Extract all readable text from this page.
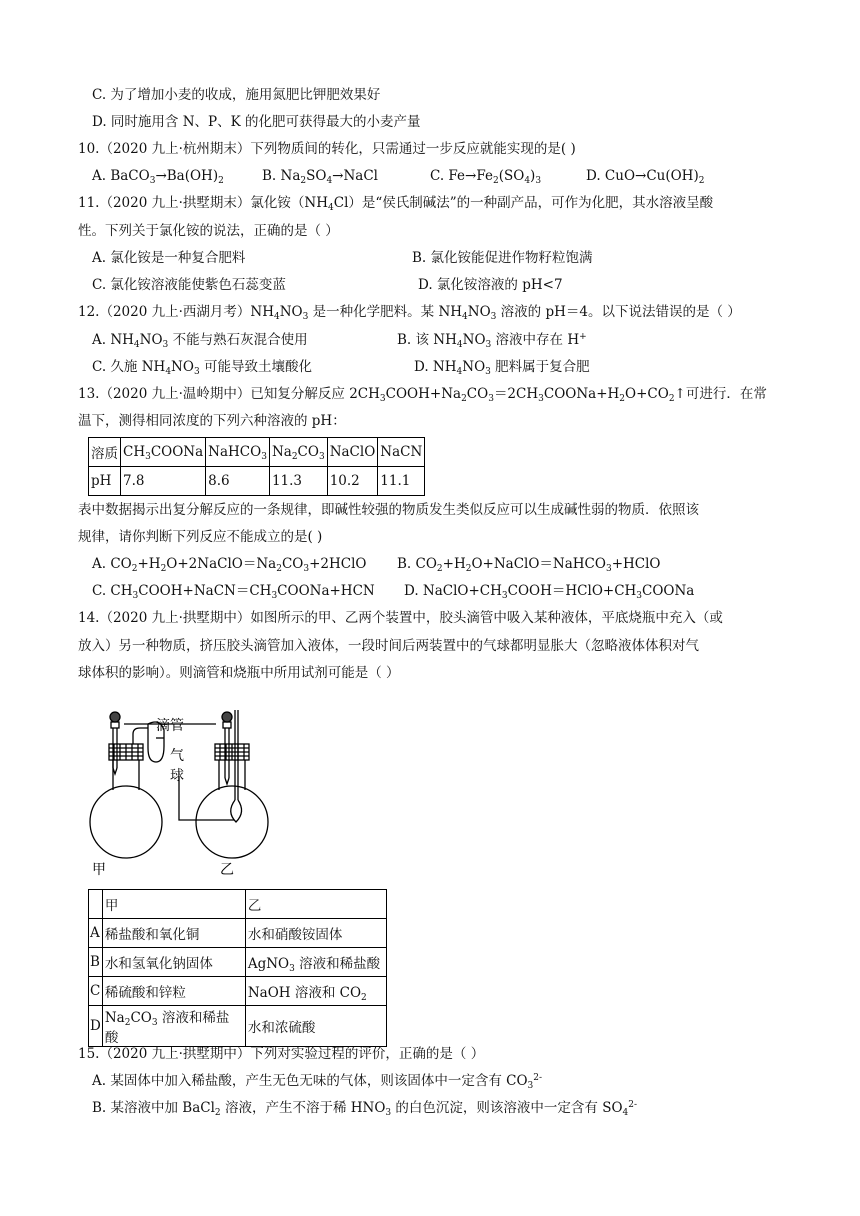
C. 为了增加小麦的收成，施用氮肥比钾肥效果好
D. 同时施用含 N、P、K 的化肥可获得最大的小麦产量
10.（2020 九上·杭州期末）下列物质间的转化，只需通过一步反应就能实现的是( )
A. $BaCO_3\to Ba(OH)_2$	B. $Na_2SO_4\to NaCl$	C. $Fe\to Fe_2(SO_4)_3$	D. $CuO\to Cu(OH)_2$
11.（2020 九上·拱墅期末）氯化铵$(NH_4Cl)$是“侯氏制碱法”的一种副产品，可作为化肥，其水溶液呈酸
性。下列关于氯化铵的说法，正确的是（ ）
A. 氯化铵是一种复合肥料	B. 氯化铵能促进作物籽粒饱满
C. 氯化铵溶液能使紫色石蕊变蓝	D. 氯化铵溶液的 pH<7
12.（2020 九上·西湖月考）$NH_4NO_3$ 是一种化学肥料。某 $NH_4NO_3$ 溶液的 pH＝4。以下说法错误的是（ ）
A. $NH_4NO_3$ 不能与熟石灰混合使用	B. 该 $NH_4NO_3$ 溶液中存在 H+
C. 久施 $NH_4NO_3$ 可能导致土壤酸化	D. $NH_4NO_3$ 肥料属于复合肥
13.（2020 九上·温岭期中）已知复分解反应 $2CH_3COOH+Na_2CO_3=2CH_3COONa+H_2O+CO_2↑$可进行．在常
温下，测得相同浓度的下列六种溶液的 pH：
溶质	$CH_3COONa$	NaHCO$_3$	$Na_2CO_3$	NaClO	NaCN
pH	7.8	8.6	11.3	10.2	11.1
表中数据揭示出复分解反应的一条规律，即碱性较强的物质发生类似反应可以生成碱性弱的物质．依照该
规律，请你判断下列反应不能成立的是( )
A. $CO_2+H_2O+2NaClO=Na_2CO_3+2HClO$ B. $CO_2+H_2O+NaClO=NaHCO_3+HClO$
C. $CH_3COOH+NaCN=CH_3COONa+HCN$ D. $NaClO+CH_3COOH=HClO+CH_3COONa$
14.（2020 九上·拱墅期中）如图所示的甲、乙两个装置中，胶头滴管中吸入某种液体，平底烧瓶中充入（或
放入）另一种物质，挤压胶头滴管加入液体，一段时间后两装置中的气球都明显胀大（忽略液体体积对气
球体积的影响）。则滴管和烧瓶中所用试剂可能是（ ）
滴管
气
球
甲	乙
	甲	乙
A	稀盐酸和氧化铜	水和硝酸铵固体
B	水和氢氧化钠固体	AgNO$_3$ 溶液和稀盐酸
C	稀硫酸和锌粒	NaOH 溶液和 $CO_2$
D	$Na_2CO_3$ 溶液和稀盐酸	水和浓硫酸
15.（2020 九上·拱墅期中）下列对实验过程的评价，正确的是（ ）
A. 某固体中加入稀盐酸，产生无色无味的气体，则该固体中一定含有 $CO_3^{2-}$
B. 某溶液中加 BaCl$_2$ 溶液，产生不溶于稀 $HNO_3$ 的白色沉淀，则该溶液中一定含有 $SO_4^{2-}$
